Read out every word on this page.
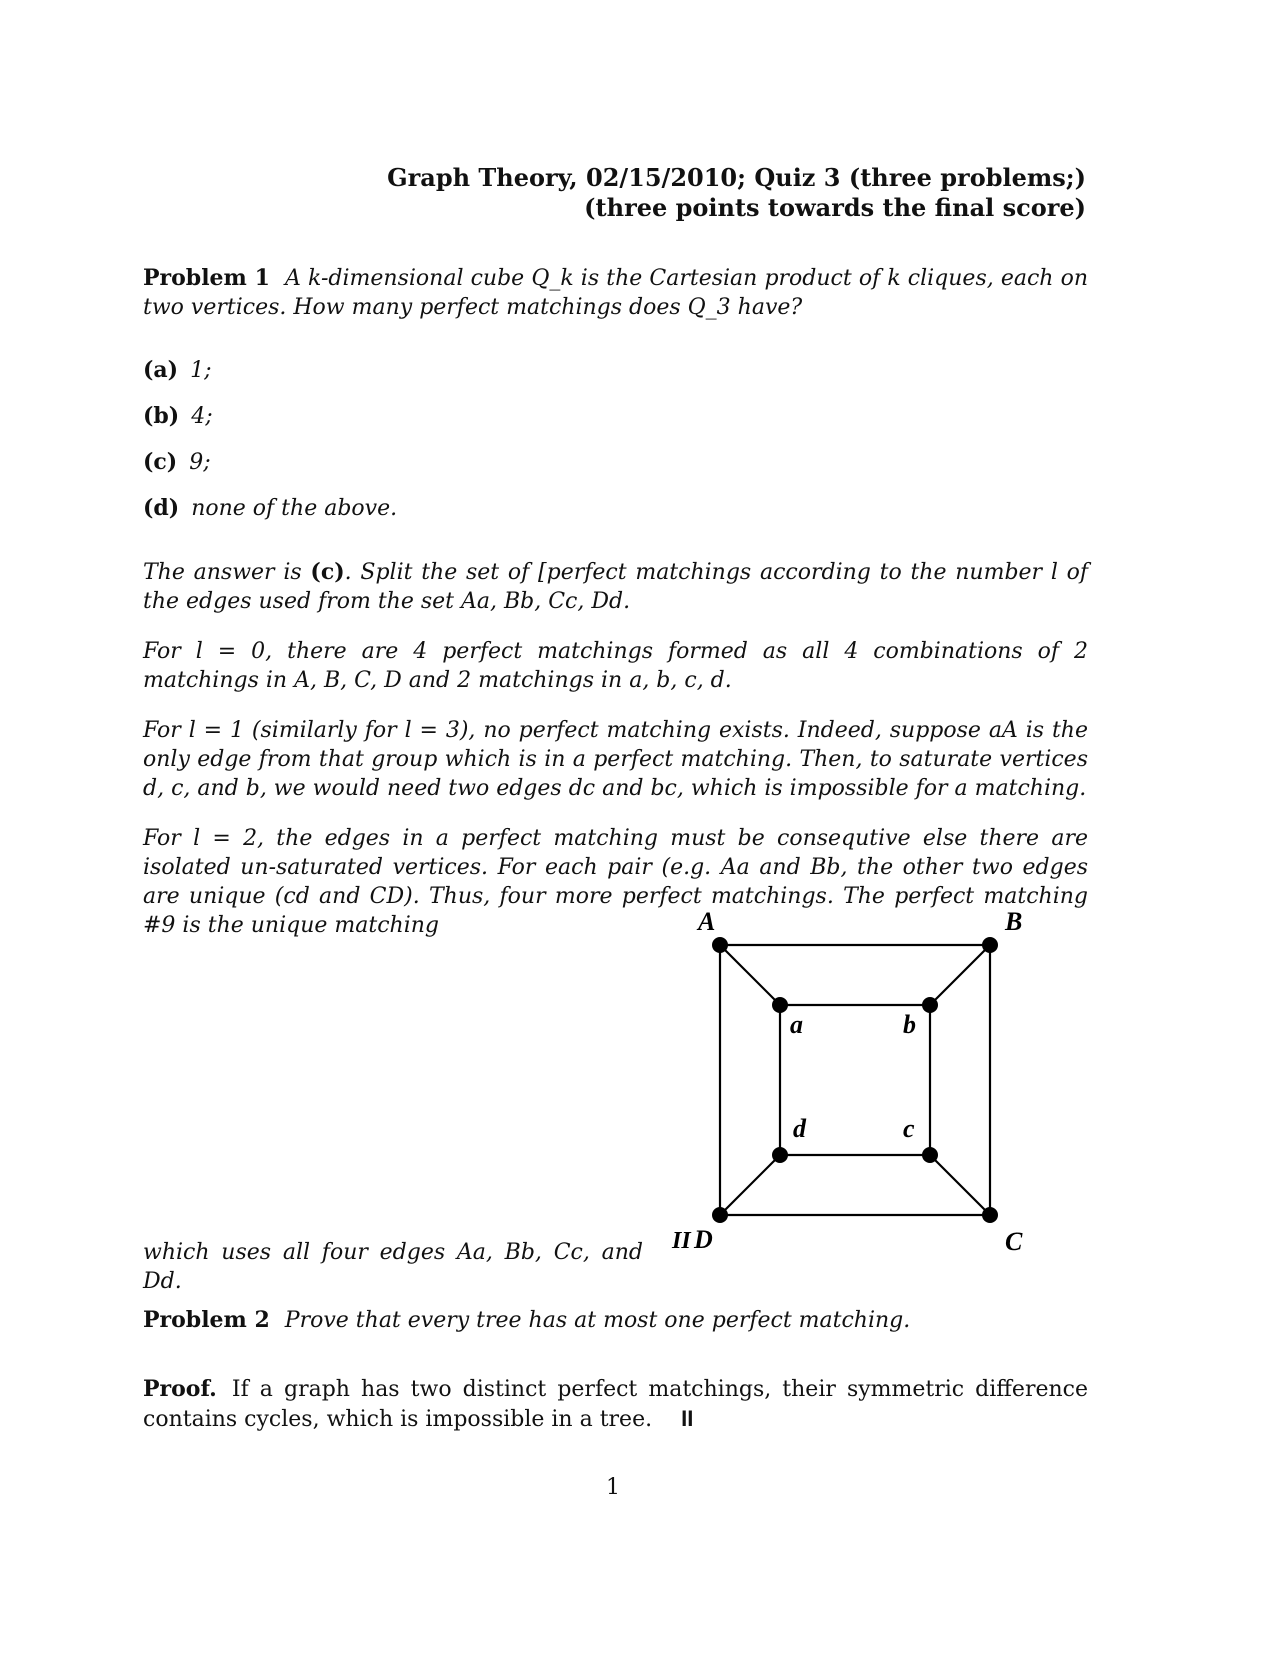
Graph Theory, 02/15/2010; Quiz 3 (three problems;)
(three points towards the final score)
Problem 1 A k-dimensional cube Q_k is the Cartesian product of k cliques, each on two vertices. How many perfect matchings does Q_3 have?
(a) 1;
(b) 4;
(c) 9;
(d) none of the above.
The answer is (c). Split the set of [perfect matchings according to the number l of the edges used from the set Aa, Bb, Cc, Dd.
For l = 0, there are 4 perfect matchings formed as all 4 combinations of 2 matchings in A, B, C, D and 2 matchings in a, b, c, d.
For l = 1 (similarly for l = 3), no perfect matching exists. Indeed, suppose aA is the only edge from that group which is in a perfect matching. Then, to saturate vertices d, c, and b, we would need two edges dc and bc, which is impossible for a matching.
For l = 2, the edges in a perfect matching must be consequtive else there are isolated un-saturated vertices. For each pair (e.g. Aa and Bb, the other two edges are unique (cd and CD). Thus, four more perfect matchings. The perfect matching #9 is the unique matching
which uses all four edges Aa, Bb, Cc, and Dd.
A	B
C
D
a	b
c
d
II
Problem 2 Prove that every tree has at most one perfect matching.
Proof. If a graph has two distinct perfect matchings, their symmetric difference contains cycles, which is impossible in a tree. II
1
